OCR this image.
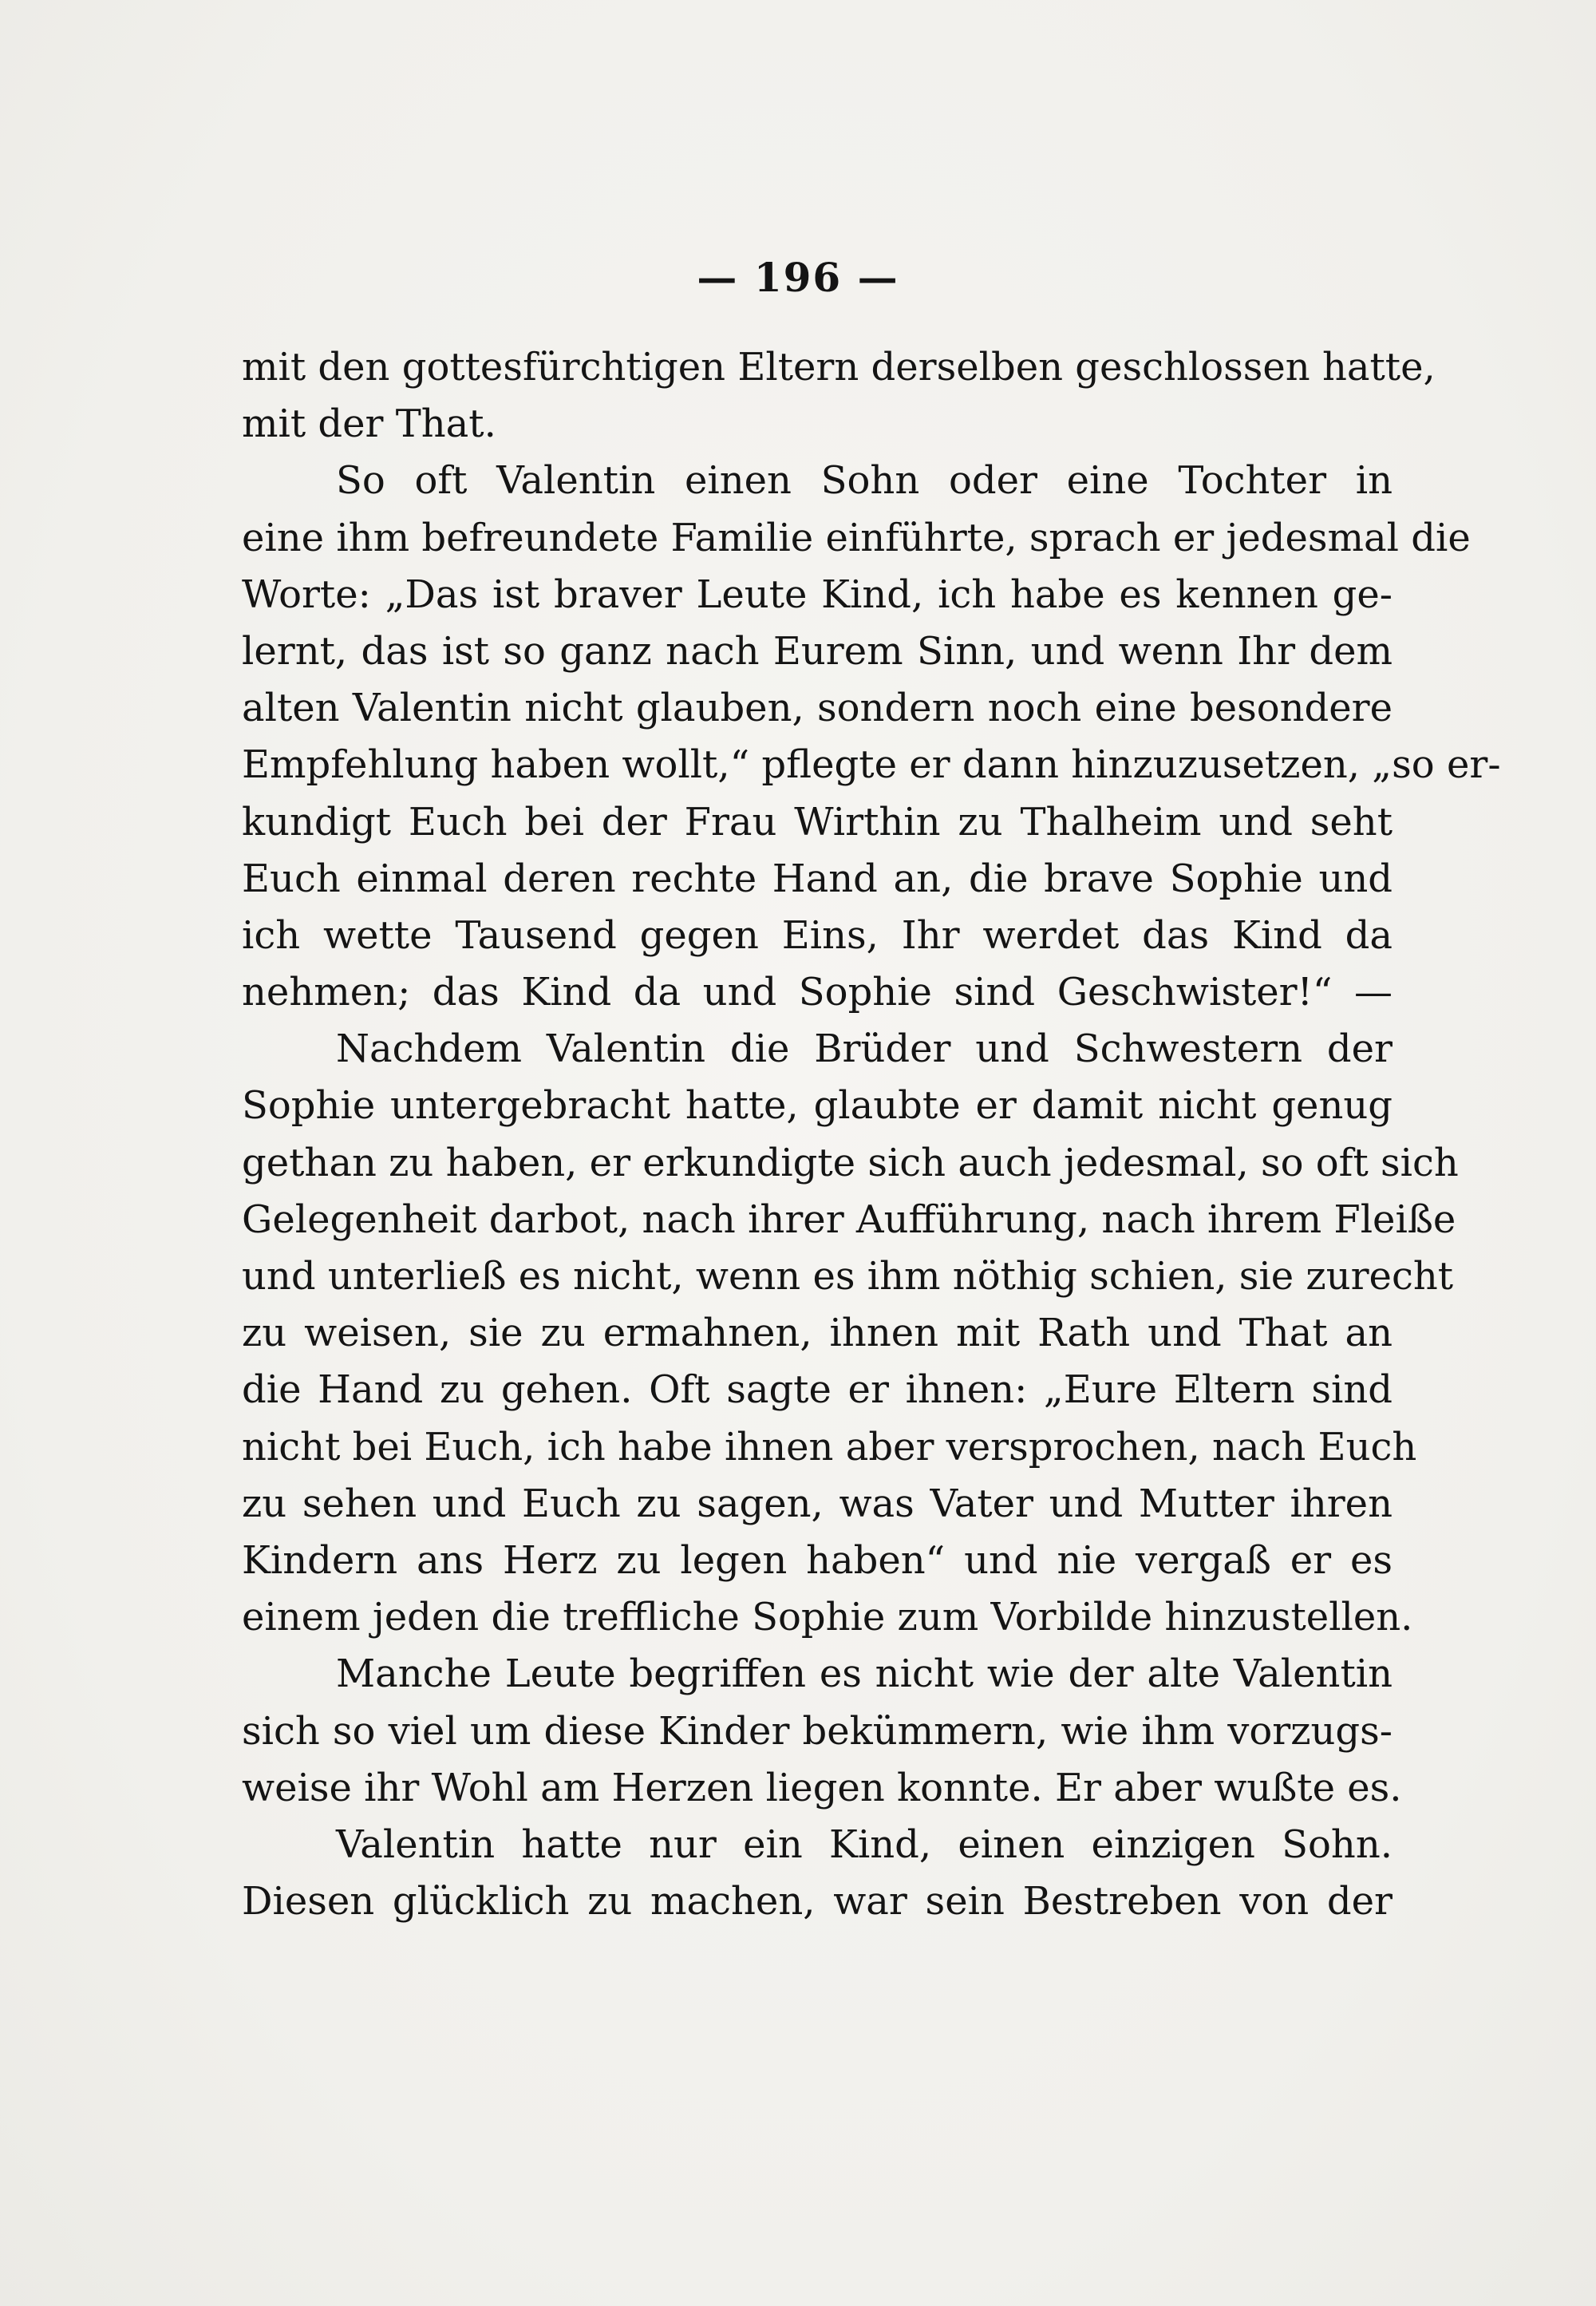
— 196 —
mit den gottesfürchtigen Eltern derselben geschlossen hatte,
mit der That.
So oft Valentin einen Sohn oder eine Tochter in
eine ihm befreundete Familie einführte, sprach er jedesmal die
Worte: „Das ist braver Leute Kind, ich habe es kennen ge-
lernt, das ist so ganz nach Eurem Sinn, und wenn Ihr dem
alten Valentin nicht glauben, sondern noch eine besondere
Empfehlung haben wollt,“ pflegte er dann hinzuzusetzen, „so er-
kundigt Euch bei der Frau Wirthin zu Thalheim und seht
Euch einmal deren rechte Hand an, die brave Sophie und
ich wette Tausend gegen Eins, Ihr werdet das Kind da
nehmen; das Kind da und Sophie sind Geschwister!“ —
Nachdem Valentin die Brüder und Schwestern der
Sophie untergebracht hatte, glaubte er damit nicht genug
gethan zu haben, er erkundigte sich auch jedesmal, so oft sich
Gelegenheit darbot, nach ihrer Aufführung, nach ihrem Fleiße
und unterließ es nicht, wenn es ihm nöthig schien, sie zurecht
zu weisen, sie zu ermahnen, ihnen mit Rath und That an
die Hand zu gehen. Oft sagte er ihnen: „Eure Eltern sind
nicht bei Euch, ich habe ihnen aber versprochen, nach Euch
zu sehen und Euch zu sagen, was Vater und Mutter ihren
Kindern ans Herz zu legen haben“ und nie vergaß er es
einem jeden die treffliche Sophie zum Vorbilde hinzustellen.
Manche Leute begriffen es nicht wie der alte Valentin
sich so viel um diese Kinder bekümmern, wie ihm vorzugs-
weise ihr Wohl am Herzen liegen konnte. Er aber wußte es.
Valentin hatte nur ein Kind, einen einzigen Sohn.
Diesen glücklich zu machen, war sein Bestreben von der
